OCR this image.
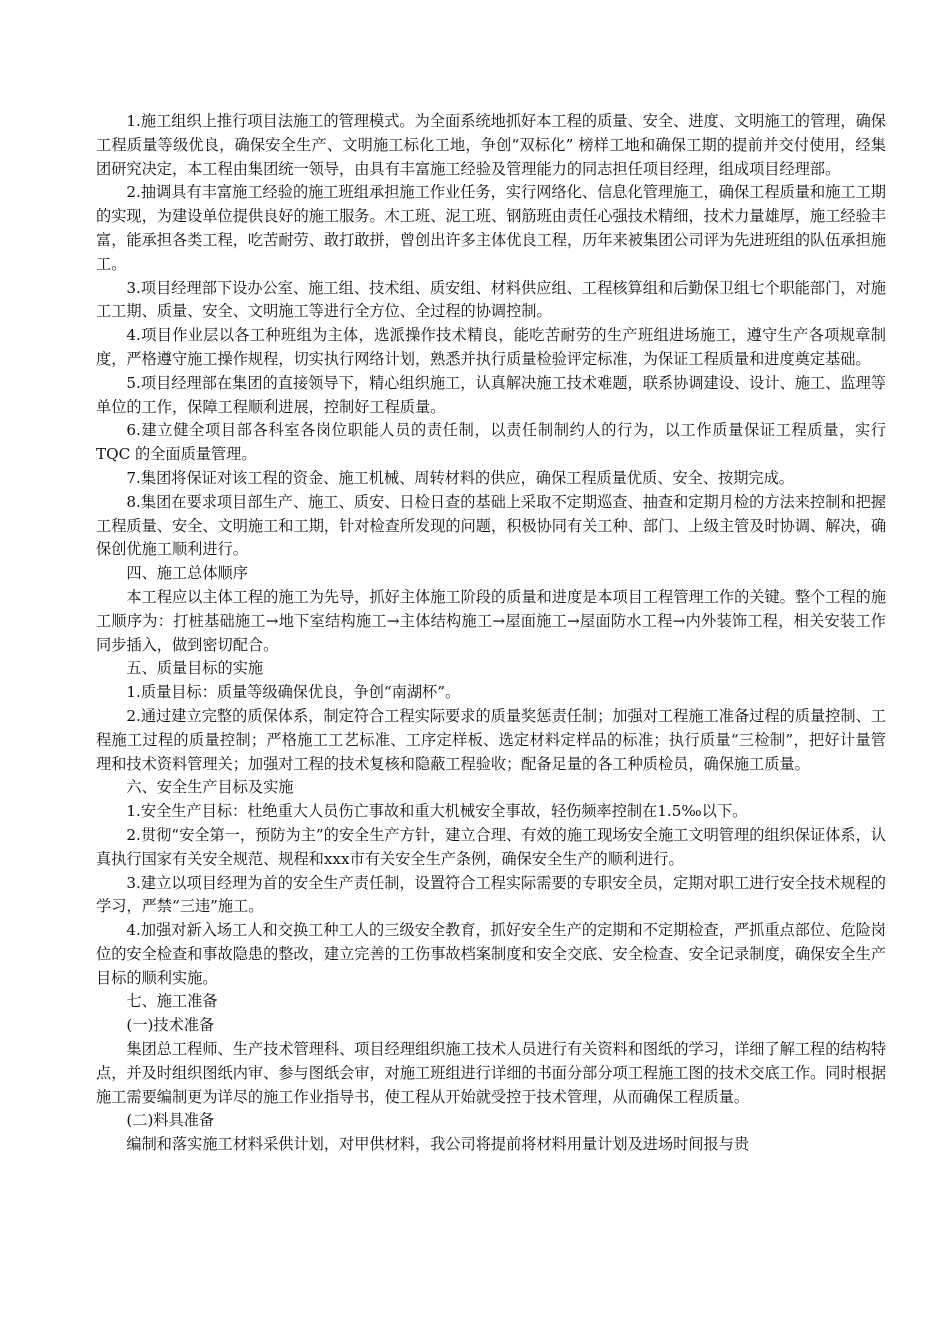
1.施工组织上推行项目法施工的管理模式。为全面系统地抓好本工程的质量、安全、进度、文明施工的管理，确保工程质量等级优良，确保安全生产、文明施工标化工地，争创“双标化” 榜样工地和确保工期的提前并交付使用，经集团研究决定，本工程由集团统一领导，由具有丰富施工经验及管理能力的同志担任项目经理，组成项目经理部。

2.抽调具有丰富施工经验的施工班组承担施工作业任务，实行网络化、信息化管理施工，确保工程质量和施工工期的实现，为建设单位提供良好的施工服务。木工班、泥工班、钢筋班由责任心强技术精细，技术力量雄厚，施工经验丰富，能承担各类工程，吃苦耐劳、敢打敢拼，曾创出许多主体优良工程，历年来被集团公司评为先进班组的队伍承担施工。

3.项目经理部下设办公室、施工组、技术组、质安组、材料供应组、工程核算组和后勤保卫组七个职能部门，对施工工期、质量、安全、文明施工等进行全方位、全过程的协调控制。

4.项目作业层以各工种班组为主体，选派操作技术精良，能吃苦耐劳的生产班组进场施工，遵守生产各项规章制度，严格遵守施工操作规程，切实执行网络计划，熟悉并执行质量检验评定标准，为保证工程质量和进度奠定基础。

5.项目经理部在集团的直接领导下，精心组织施工，认真解决施工技术难题，联系协调建设、设计、施工、监理等单位的工作，保障工程顺利进展，控制好工程质量。

6.建立健全项目部各科室各岗位职能人员的责任制，以责任制制约人的行为，以工作质量保证工程质量，实行 TQC 的全面质量管理。

7.集团将保证对该工程的资金、施工机械、周转材料的供应，确保工程质量优质、安全、按期完成。

8.集团在要求项目部生产、施工、质安、日检日查的基础上采取不定期巡查、抽查和定期月检的方法来控制和把握工程质量、安全、文明施工和工期，针对检查所发现的问题，积极协同有关工种、部门、上级主管及时协调、解决，确保创优施工顺利进行。

四、施工总体顺序

本工程应以主体工程的施工为先导，抓好主体施工阶段的质量和进度是本项目工程管理工作的关键。整个工程的施工顺序为：打桩基础施工→地下室结构施工→主体结构施工→屋面施工→屋面防水工程→内外装饰工程，相关安装工作同步插入，做到密切配合。

五、质量目标的实施

1.质量目标：质量等级确保优良，争创“南湖杯”。

2.通过建立完整的质保体系，制定符合工程实际要求的质量奖惩责任制；加强对工程施工准备过程的质量控制、工程施工过程的质量控制；严格施工工艺标准、工序定样板、选定材料定样品的标准；执行质量“三检制”，把好计量管理和技术资料管理关；加强对工程的技术复核和隐蔽工程验收；配备足量的各工种质检员，确保施工质量。

六、安全生产目标及实施

1.安全生产目标：杜绝重大人员伤亡事故和重大机械安全事故，轻伤频率控制在1.5‰以下。

2.贯彻“安全第一，预防为主”的安全生产方针，建立合理、有效的施工现场安全施工文明管理的组织保证体系，认真执行国家有关安全规范、规程和xxx市有关安全生产条例，确保安全生产的顺利进行。

3.建立以项目经理为首的安全生产责任制，设置符合工程实际需要的专职安全员，定期对职工进行安全技术规程的学习，严禁“三违”施工。

4.加强对新入场工人和交换工种工人的三级安全教育，抓好安全生产的定期和不定期检查，严抓重点部位、危险岗位的安全检查和事故隐患的整改，建立完善的工伤事故档案制度和安全交底、安全检查、安全记录制度，确保安全生产目标的顺利实施。

七、施工准备

(一)技术准备

集团总工程师、生产技术管理科、项目经理组织施工技术人员进行有关资料和图纸的学习，详细了解工程的结构特点，并及时组织图纸内审、参与图纸会审，对施工班组进行详细的书面分部分项工程施工图的技术交底工作。同时根据施工需要编制更为详尽的施工作业指导书，使工程从开始就受控于技术管理，从而确保工程质量。

(二)料具准备

编制和落实施工材料采供计划，对甲供材料，我公司将提前将材料用量计划及进场时间报与贵
